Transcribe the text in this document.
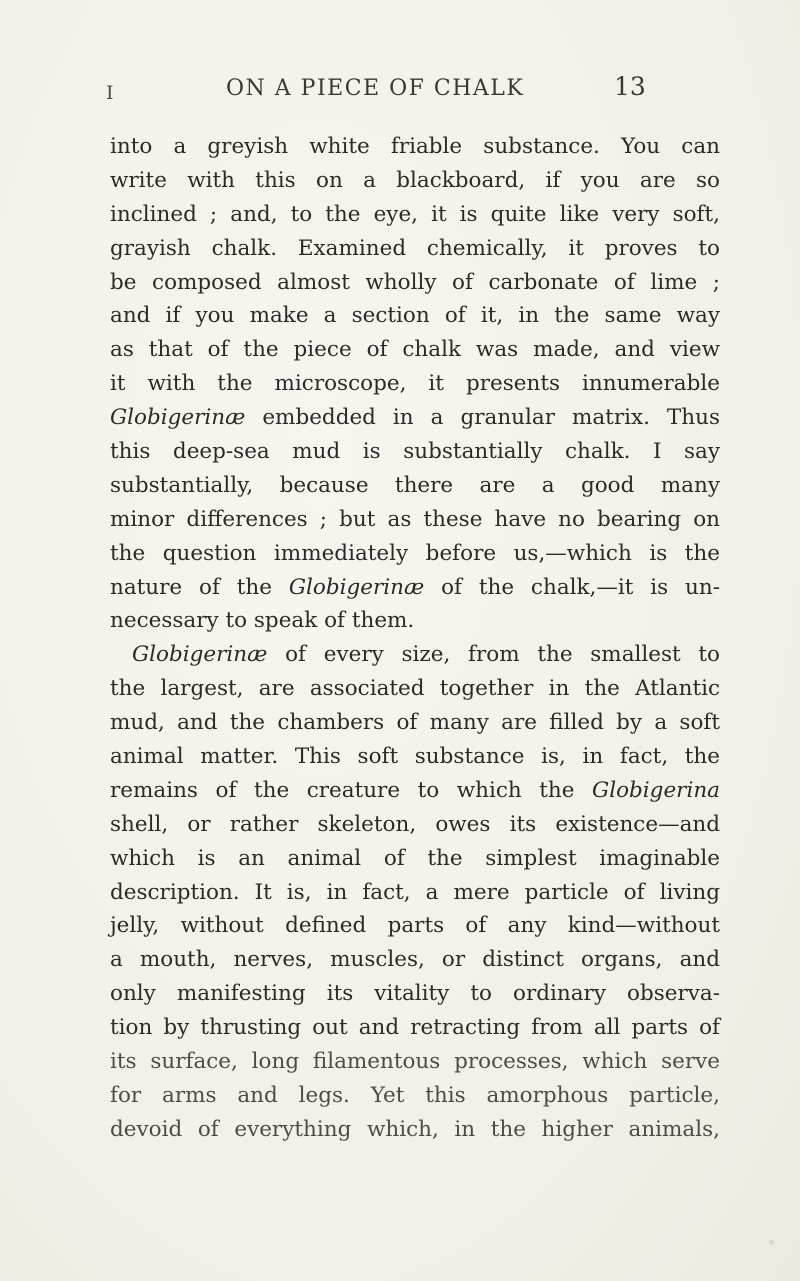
I	ON A PIECE OF CHALK	13
into a greyish white friable substance. You can
write with this on a blackboard, if you are so
inclined ; and, to the eye, it is quite like very soft,
grayish chalk. Examined chemically, it proves to
be composed almost wholly of carbonate of lime ;
and if you make a section of it, in the same way
as that of the piece of chalk was made, and view
it with the microscope, it presents innumerable
Globigerinæ embedded in a granular matrix. Thus
this deep-sea mud is substantially chalk. I say
substantially, because there are a good many
minor differences ; but as these have no bearing on
the question immediately before us,—which is the
nature of the Globigerinæ of the chalk,—it is un-
necessary to speak of them.
Globigerinæ of every size, from the smallest to
the largest, are associated together in the Atlantic
mud, and the chambers of many are filled by a soft
animal matter. This soft substance is, in fact, the
remains of the creature to which the Globigerina
shell, or rather skeleton, owes its existence—and
which is an animal of the simplest imaginable
description. It is, in fact, a mere particle of living
jelly, without defined parts of any kind—without
a mouth, nerves, muscles, or distinct organs, and
only manifesting its vitality to ordinary observa-
tion by thrusting out and retracting from all parts of
its surface, long filamentous processes, which serve
for arms and legs. Yet this amorphous particle,
devoid of everything which, in the higher animals,
